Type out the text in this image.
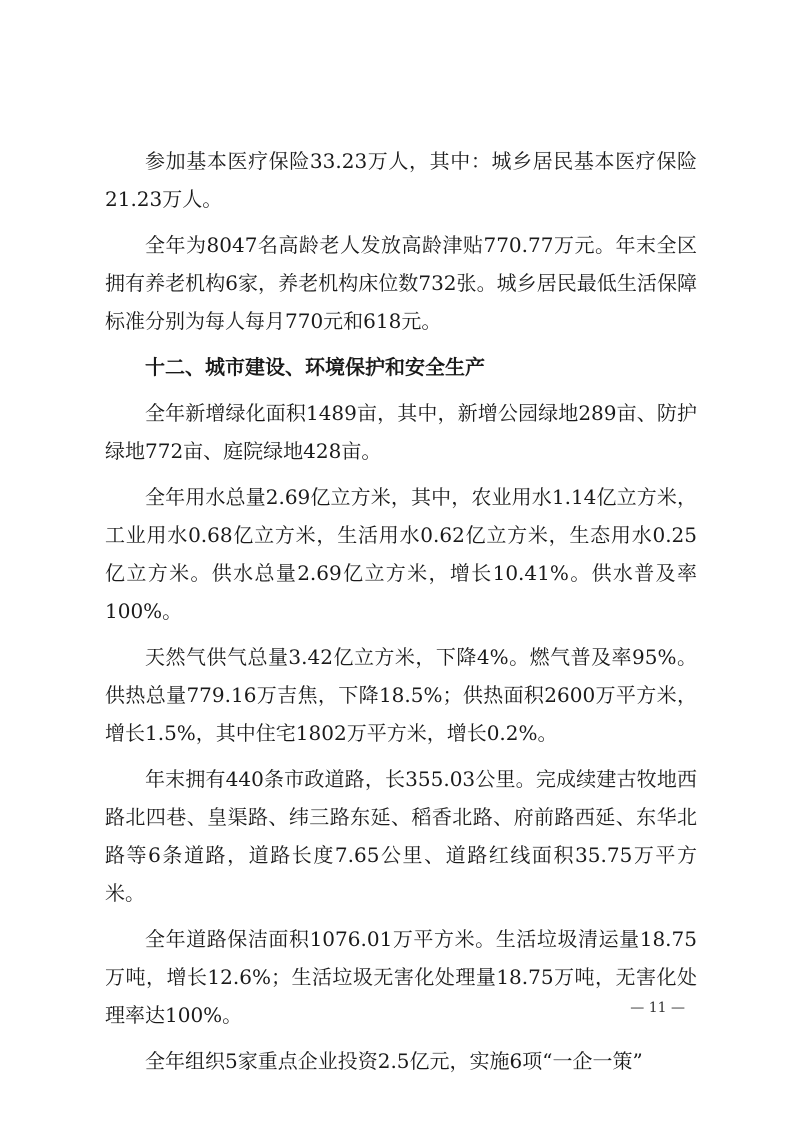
参加基本医疗保险33.23万人，其中：城乡居民基本医疗保险21.23万人。

全年为8047名高龄老人发放高龄津贴770.77万元。年末全区拥有养老机构6家，养老机构床位数732张。城乡居民最低生活保障标准分别为每人每月770元和618元。

十二、城市建设、环境保护和安全生产

全年新增绿化面积1489亩，其中，新增公园绿地289亩、防护绿地772亩、庭院绿地428亩。

全年用水总量2.69亿立方米，其中，农业用水1.14亿立方米，工业用水0.68亿立方米，生活用水0.62亿立方米，生态用水0.25亿立方米。供水总量2.69亿立方米，增长10.41%。供水普及率100%。

天然气供气总量3.42亿立方米，下降4%。燃气普及率95%。供热总量779.16万吉焦，下降18.5%；供热面积2600万平方米，增长1.5%，其中住宅1802万平方米，增长0.2%。

年末拥有440条市政道路，长355.03公里。完成续建古牧地西路北四巷、皇渠路、纬三路东延、稻香北路、府前路西延、东华北路等6条道路，道路长度7.65公里、道路红线面积35.75万平方米。

全年道路保洁面积1076.01万平方米。生活垃圾清运量18.75万吨，增长12.6%；生活垃圾无害化处理量18.75万吨，无害化处理率达100%。

全年组织5家重点企业投资2.5亿元，实施6项“一企一策”

— 11 —
